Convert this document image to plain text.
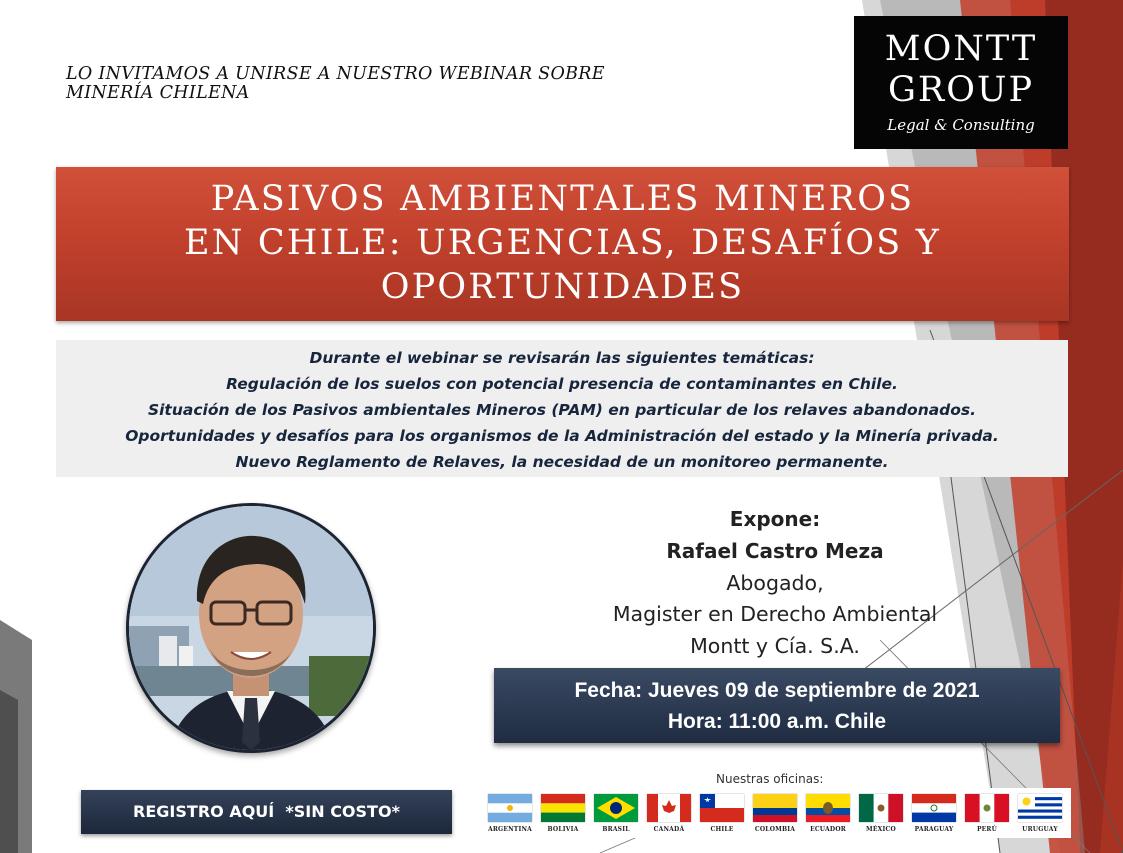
LO INVITAMOS A UNIRSE A NUESTRO WEBINAR SOBRE
MINERÍA CHILENA
MONTT
GROUP
Legal & Consulting
PASIVOS AMBIENTALES MINEROS
EN CHILE: URGENCIAS, DESAFÍOS Y
OPORTUNIDADES
Durante el webinar se revisarán las siguientes temáticas:
Regulación de los suelos con potencial presencia de contaminantes en Chile.
Situación de los Pasivos ambientales Mineros (PAM) en particular de los relaves abandonados.
Oportunidades y desafíos para los organismos de la Administración del estado y la Minería privada.
Nuevo Reglamento de Relaves, la necesidad de un monitoreo permanente.
Expone:
Rafael Castro Meza
Abogado,
Magister en Derecho Ambiental
Montt y Cía. S.A.
Fecha: Jueves 09 de septiembre de 2021
Hora: 11:00 a.m. Chile
REGISTRO AQUÍ  *SIN COSTO*
Nuestras oficinas:
ARGENTINA	BOLIVIA	BRASIL	CANADÁ	CHILE	COLOMBIA	ECUADOR	MÉXICO	PARAGUAY	PERÚ	URUGUAY
